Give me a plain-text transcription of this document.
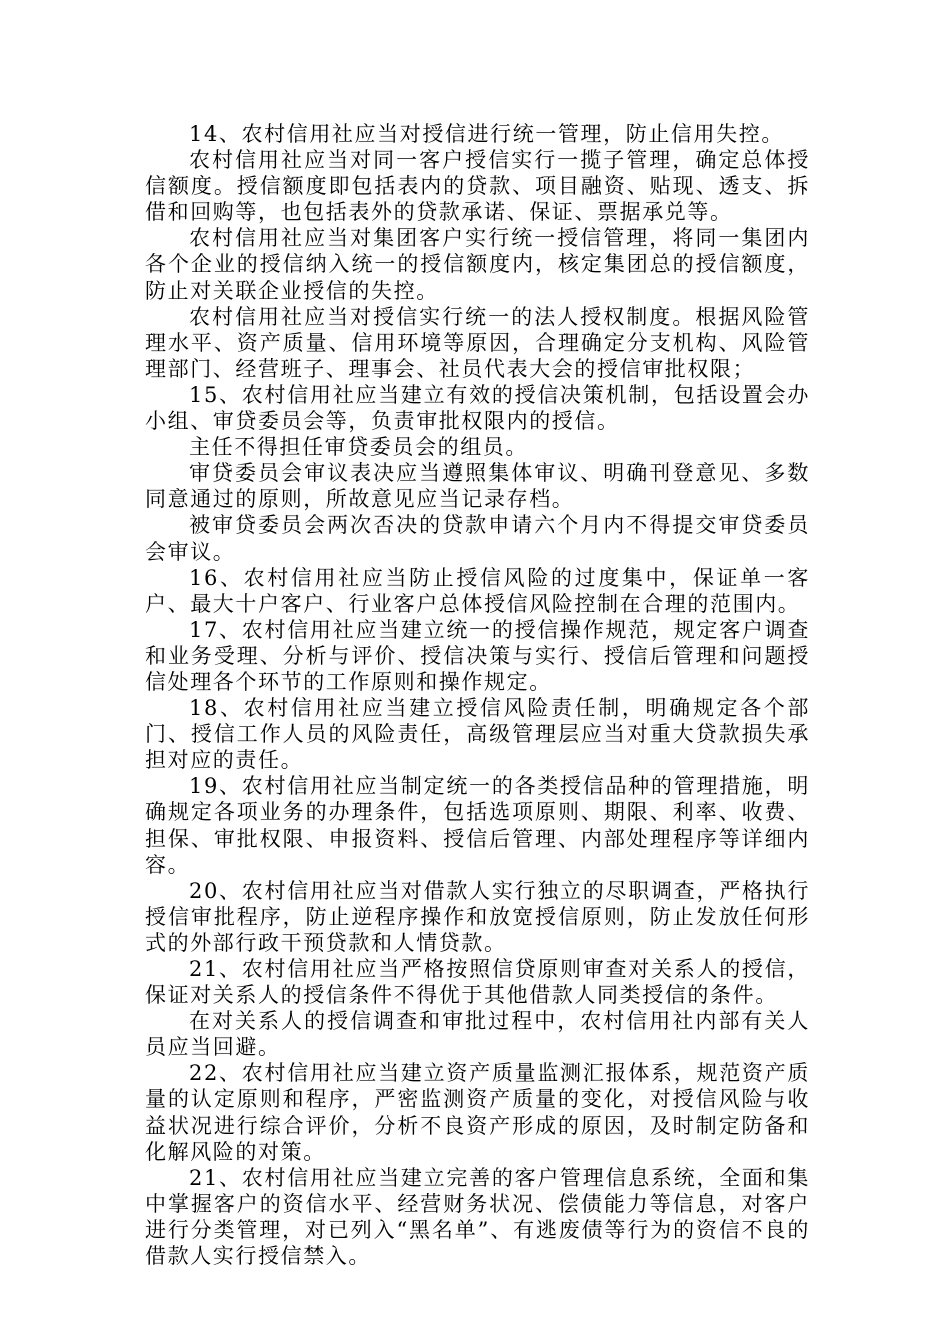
14、农村信用社应当对授信进行统一管理，防止信用失控。

农村信用社应当对同一客户授信实行一揽子管理，确定总体授信额度。授信额度即包括表内的贷款、项目融资、贴现、透支、拆借和回购等，也包括表外的贷款承诺、保证、票据承兑等。

农村信用社应当对集团客户实行统一授信管理，将同一集团内各个企业的授信纳入统一的授信额度内，核定集团总的授信额度，防止对关联企业授信的失控。

农村信用社应当对授信实行统一的法人授权制度。根据风险管理水平、资产质量、信用环境等原因，合理确定分支机构、风险管理部门、经营班子、理事会、社员代表大会的授信审批权限；

15、农村信用社应当建立有效的授信决策机制，包括设置会办小组、审贷委员会等，负责审批权限内的授信。

主任不得担任审贷委员会的组员。

审贷委员会审议表决应当遵照集体审议、明确刊登意见、多数同意通过的原则，所故意见应当记录存档。

被审贷委员会两次否决的贷款申请六个月内不得提交审贷委员会审议。

16、农村信用社应当防止授信风险的过度集中，保证单一客户、最大十户客户、行业客户总体授信风险控制在合理的范围内。

17、农村信用社应当建立统一的授信操作规范，规定客户调查和业务受理、分析与评价、授信决策与实行、授信后管理和问题授信处理各个环节的工作原则和操作规定。

18、农村信用社应当建立授信风险责任制，明确规定各个部门、授信工作人员的风险责任，高级管理层应当对重大贷款损失承担对应的责任。

19、农村信用社应当制定统一的各类授信品种的管理措施，明确规定各项业务的办理条件，包括选项原则、期限、利率、收费、担保、审批权限、申报资料、授信后管理、内部处理程序等详细内容。

20、农村信用社应当对借款人实行独立的尽职调查，严格执行授信审批程序，防止逆程序操作和放宽授信原则，防止发放任何形式的外部行政干预贷款和人情贷款。

21、农村信用社应当严格按照信贷原则审查对关系人的授信，保证对关系人的授信条件不得优于其他借款人同类授信的条件。

在对关系人的授信调查和审批过程中，农村信用社内部有关人员应当回避。

22、农村信用社应当建立资产质量监测汇报体系，规范资产质量的认定原则和程序，严密监测资产质量的变化，对授信风险与收益状况进行综合评价，分析不良资产形成的原因，及时制定防备和化解风险的对策。

21、农村信用社应当建立完善的客户管理信息系统，全面和集中掌握客户的资信水平、经营财务状况、偿债能力等信息，对客户进行分类管理，对已列入“黑名单”、有逃废债等行为的资信不良的借款人实行授信禁入。
